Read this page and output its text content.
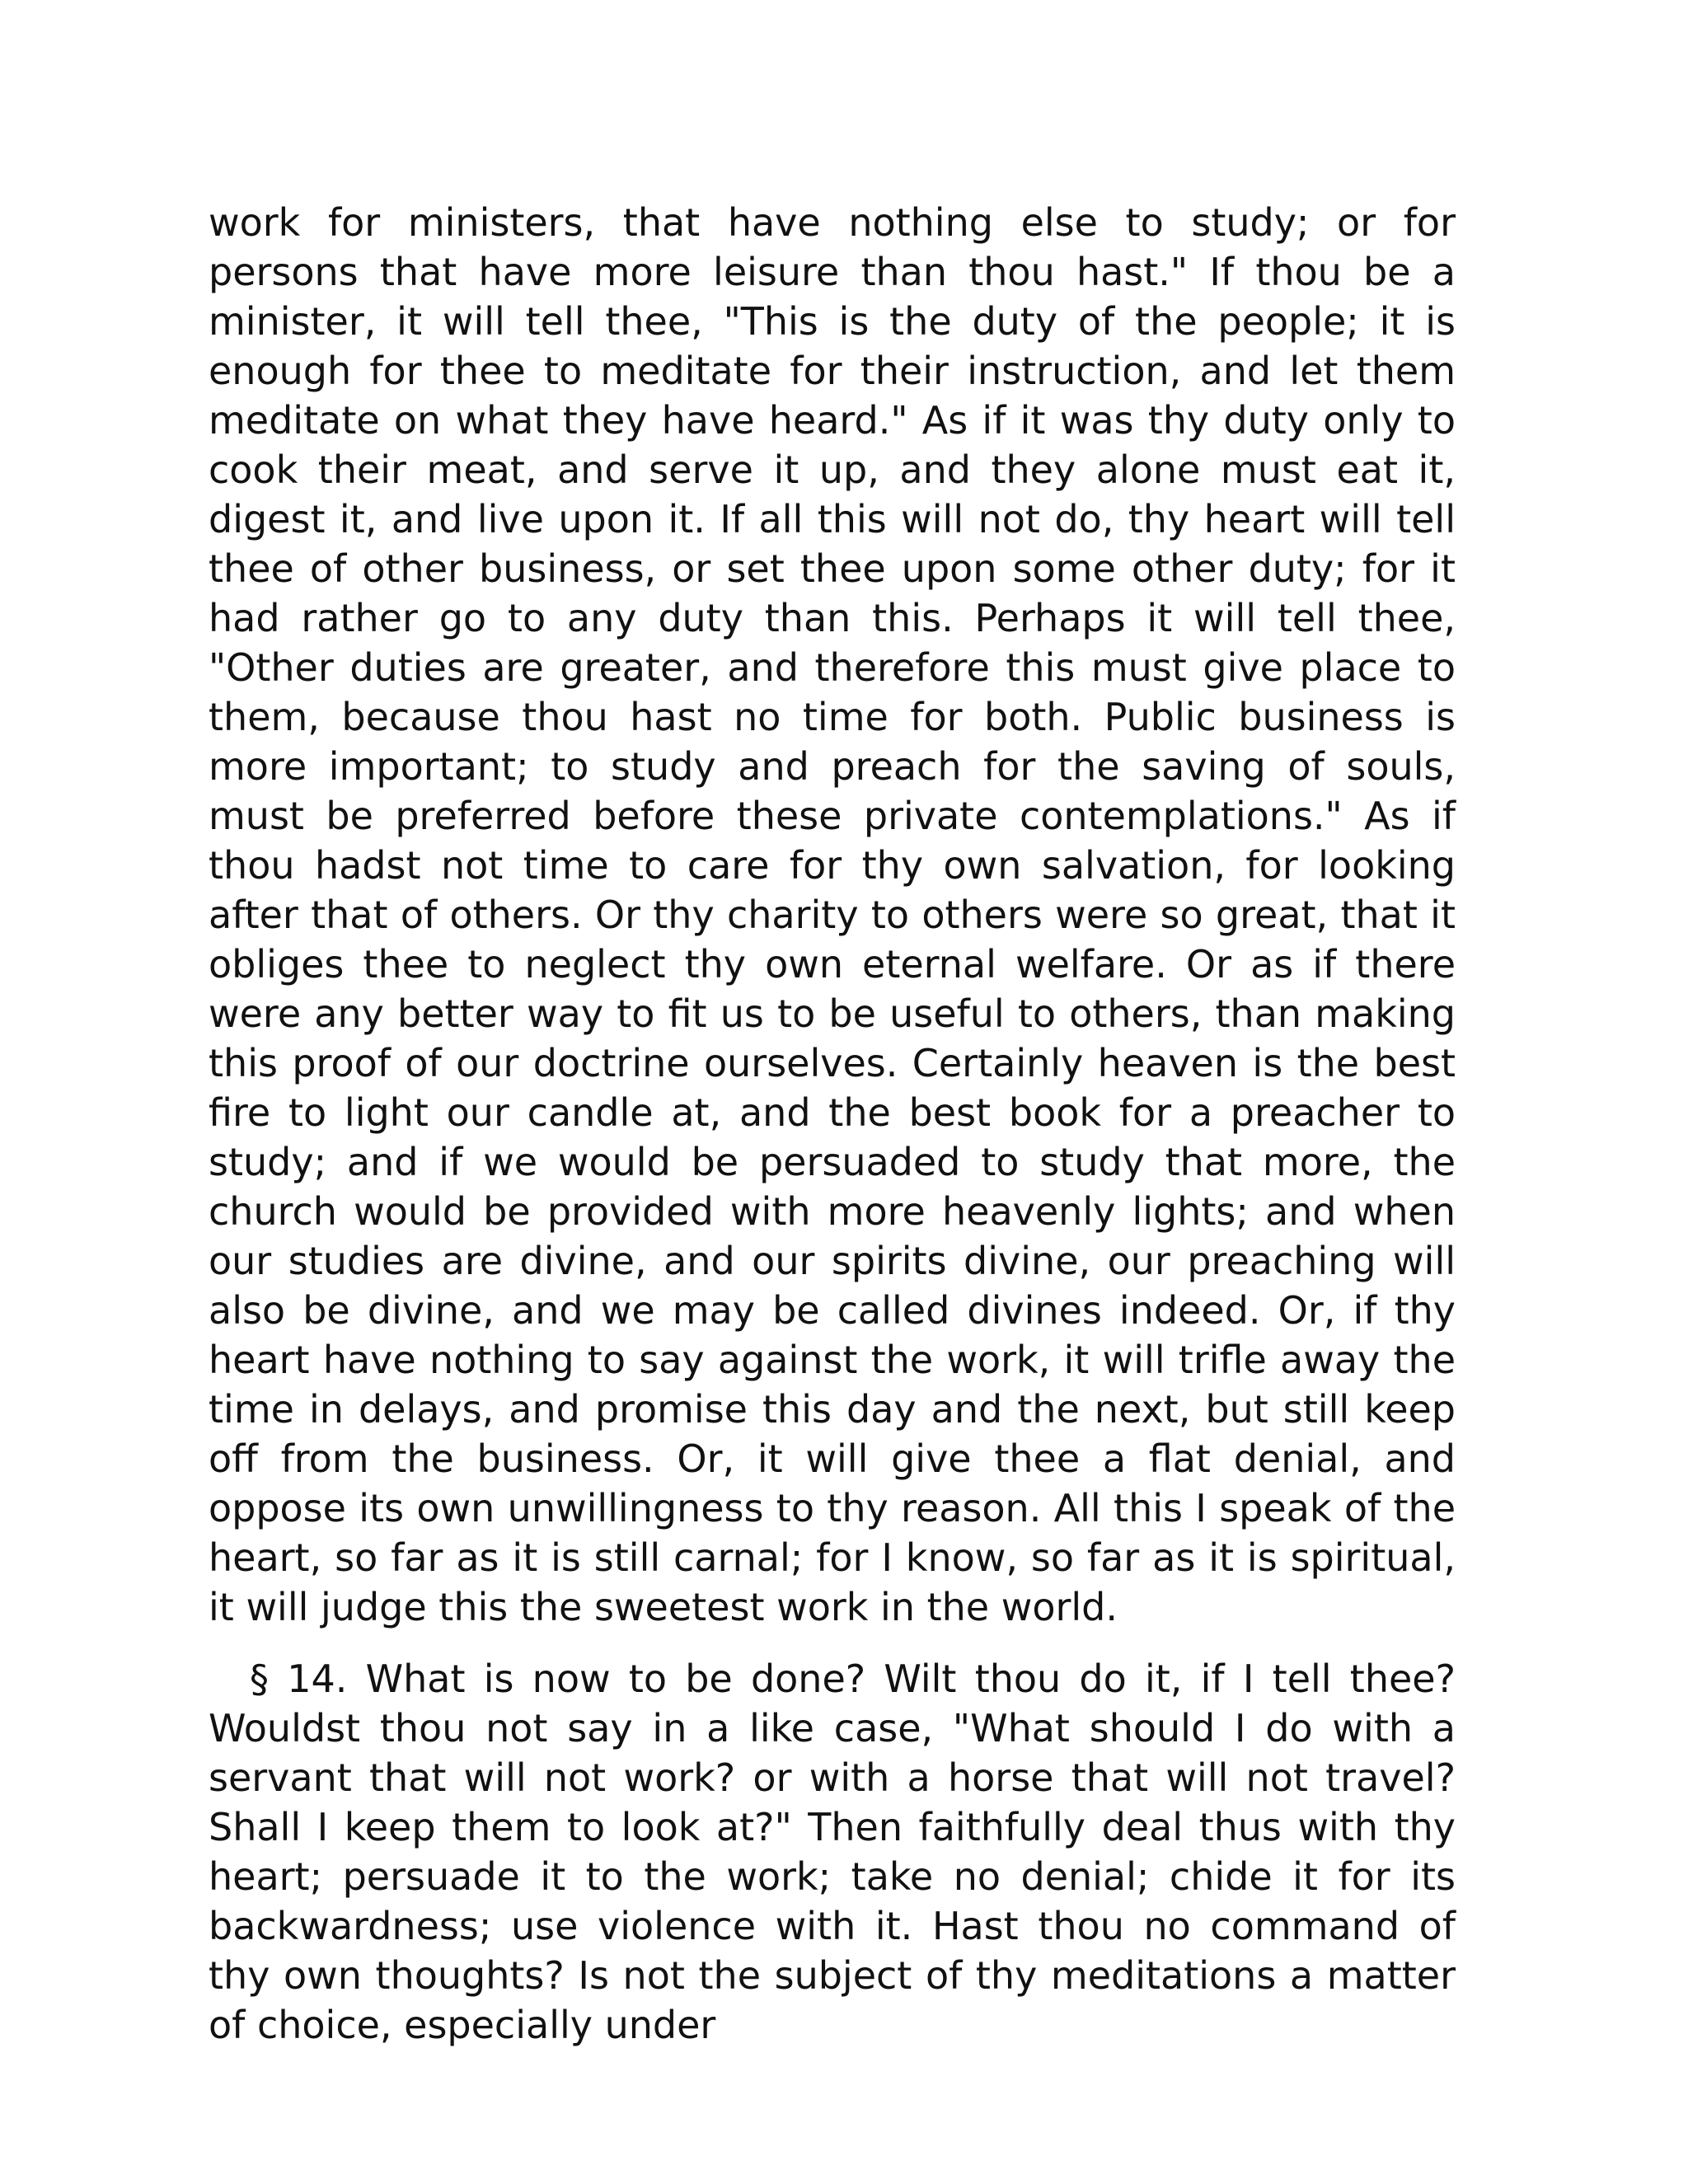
work for ministers, that have nothing else to study; or for persons that have more leisure than thou hast." If thou be a minister, it will tell thee, "This is the duty of the people; it is enough for thee to meditate for their instruction, and let them meditate on what they have heard." As if it was thy duty only to cook their meat, and serve it up, and they alone must eat it, digest it, and live upon it. If all this will not do, thy heart will tell thee of other business, or set thee upon some other duty; for it had rather go to any duty than this. Perhaps it will tell thee, "Other duties are greater, and therefore this must give place to them, because thou hast no time for both. Public business is more important; to study and preach for the saving of souls, must be preferred before these private contemplations." As if thou hadst not time to care for thy own salvation, for looking after that of others. Or thy charity to others were so great, that it obliges thee to neglect thy own eternal welfare. Or as if there were any better way to fit us to be useful to others, than making this proof of our doctrine ourselves. Certainly heaven is the best fire to light our candle at, and the best book for a preacher to study; and if we would be persuaded to study that more, the church would be provided with more heavenly lights; and when our studies are divine, and our spirits divine, our preaching will also be divine, and we may be called divines indeed. Or, if thy heart have nothing to say against the work, it will trifle away the time in delays, and promise this day and the next, but still keep off from the business. Or, it will give thee a flat denial, and oppose its own unwillingness to thy reason. All this I speak of the heart, so far as it is still carnal; for I know, so far as it is spiritual, it will judge this the sweetest work in the world.

§ 14. What is now to be done? Wilt thou do it, if I tell thee? Wouldst thou not say in a like case, "What should I do with a servant that will not work? or with a horse that will not travel? Shall I keep them to look at?" Then faithfully deal thus with thy heart; persuade it to the work; take no denial; chide it for its backwardness; use violence with it. Hast thou no command of thy own thoughts? Is not the subject of thy meditations a matter of choice, especially under
